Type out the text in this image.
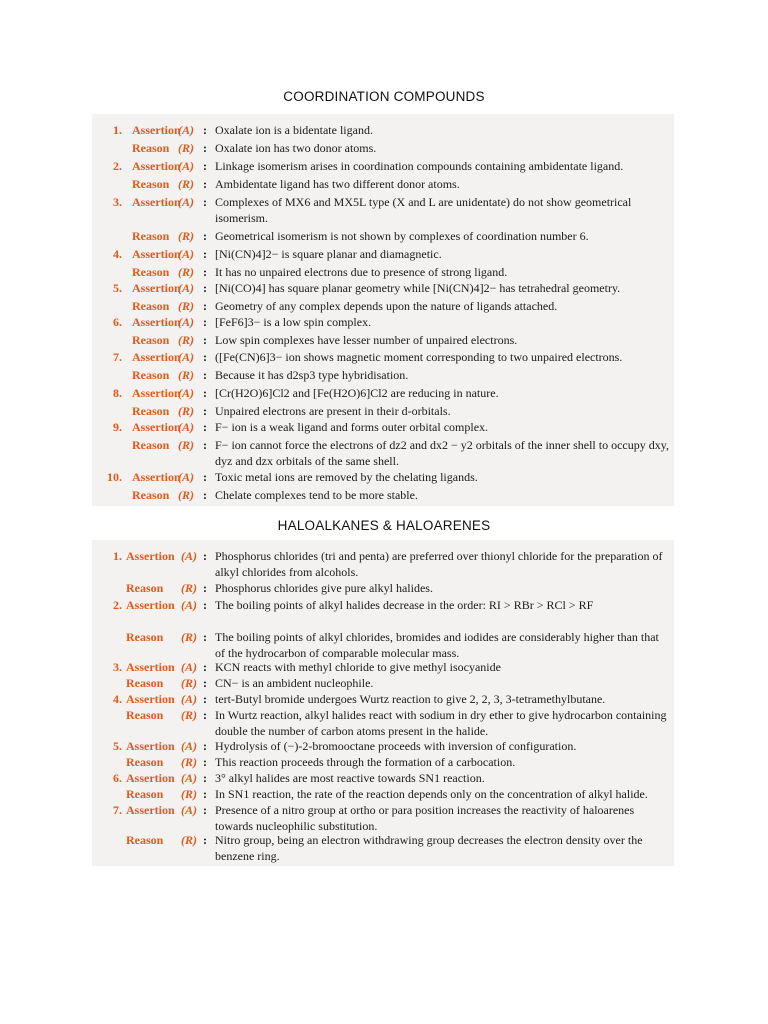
COORDINATION COMPOUNDS
1. Assertion
(A) : Oxalate ion is a bidentate ligand.
Reason (R) : Oxalate ion has two donor atoms.
2. Assertion
(A) : Linkage isomerism arises in coordination compounds containing ambidentate ligand.
Reason (R) : Ambidentate ligand has two different donor atoms.
3. Assertion
(A) : Complexes of MX6 and MX5L type (X and L are unidentate) do not show geometrical isomerism.
Reason (R) : Geometrical isomerism is not shown by complexes of coordination number 6.
4. Assertion
(A) : [Ni(CN)4]2− is square planar and diamagnetic.
Reason (R) : It has no unpaired electrons due to presence of strong ligand.
5. Assertion
(A) : [Ni(CO)4] has square planar geometry while [Ni(CN)4]2− has tetrahedral geometry.
Reason (R) : Geometry of any complex depends upon the nature of ligands attached.
6. Assertion
(A) : [FeF6]3− is a low spin complex.
Reason (R) : Low spin complexes have lesser number of unpaired electrons.
7. Assertion
(A) : ([Fe(CN)6]3− ion shows magnetic moment corresponding to two unpaired electrons.
Reason (R) : Because it has d2sp3 type hybridisation.
8. Assertion
(A) : [Cr(H2O)6]Cl2 and [Fe(H2O)6]Cl2 are reducing in nature.
Reason (R) : Unpaired electrons are present in their d-orbitals.
9. Assertion
(A) : F− ion is a weak ligand and forms outer orbital complex.
Reason (R) : F− ion cannot force the electrons of dz2 and dx2 − y2 orbitals of the inner shell to occupy dxy, dyz and dzx orbitals of the same shell.
10. Assertion
(A) : Toxic metal ions are removed by the chelating ligands.
Reason (R) : Chelate complexes tend to be more stable.
HALOALKANES & HALOARENES
1. Assertion (A) : Phosphorus chlorides (tri and penta) are preferred over thionyl chloride for the preparation of alkyl chlorides from alcohols.
Reason (R) : Phosphorus chlorides give pure alkyl halides.
2. Assertion (A) : The boiling points of alkyl halides decrease in the order: RI > RBr > RCl > RF
Reason (R) : The boiling points of alkyl chlorides, bromides and iodides are considerably higher than that of the hydrocarbon of comparable molecular mass.
3. Assertion (A) : KCN reacts with methyl chloride to give methyl isocyanide
Reason (R) : CN− is an ambident nucleophile.
4. Assertion (A) : tert-Butyl bromide undergoes Wurtz reaction to give 2, 2, 3, 3-tetramethylbutane.
Reason (R) : In Wurtz reaction, alkyl halides react with sodium in dry ether to give hydrocarbon containing double the number of carbon atoms present in the halide.
5. Assertion (A) : Hydrolysis of (−)-2-bromooctane proceeds with inversion of configuration.
Reason (R) : This reaction proceeds through the formation of a carbocation.
6. Assertion (A) : 3° alkyl halides are most reactive towards SN1 reaction.
Reason (R) : In SN1 reaction, the rate of the reaction depends only on the concentration of alkyl halide.
7. Assertion (A) : Presence of a nitro group at ortho or para position increases the reactivity of haloarenes towards nucleophilic substitution.
Reason (R) : Nitro group, being an electron withdrawing group decreases the electron density over the benzene ring.
